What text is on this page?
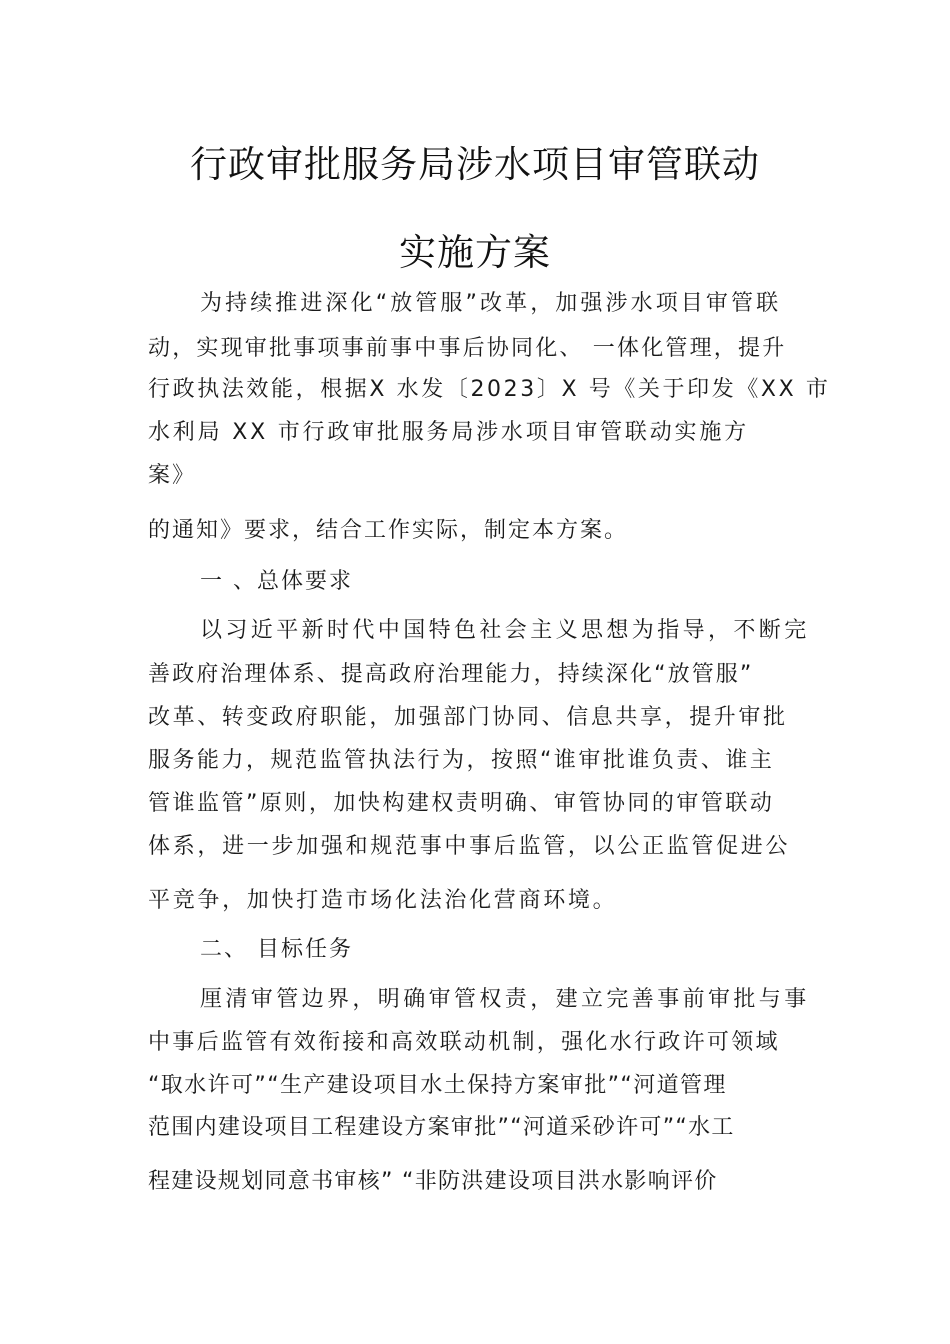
行政审批服务局涉水项目审管联动
实施方案
为持续推进深化“放管服”改革，加强涉水项目审管联
动，实现审批事项事前事中事后协同化、 一体化管理，提升
行政执法效能，根据X 水发〔2023〕X 号《关于印发《XX 市
水利局 XX 市行政审批服务局涉水项目审管联动实施方
案》
的通知》要求，结合工作实际，制定本方案。
一 、总体要求
以习近平新时代中国特色社会主义思想为指导，不断完
善政府治理体系、提高政府治理能力，持续深化“放管服”
改革、转变政府职能，加强部门协同、信息共享，提升审批
服务能力，规范监管执法行为，按照“谁审批谁负责、谁主
管谁监管”原则，加快构建权责明确、审管协同的审管联动
体系，进一步加强和规范事中事后监管，以公正监管促进公
平竞争，加快打造市场化法治化营商环境。
二、 目标任务
厘清审管边界，明确审管权责，建立完善事前审批与事
中事后监管有效衔接和高效联动机制，强化水行政许可领域
“取水许可”“生产建设项目水土保持方案审批”“河道管理
范围内建设项目工程建设方案审批”“河道采砂许可”“水工
程建设规划同意书审核” “非防洪建设项目洪水影响评价
